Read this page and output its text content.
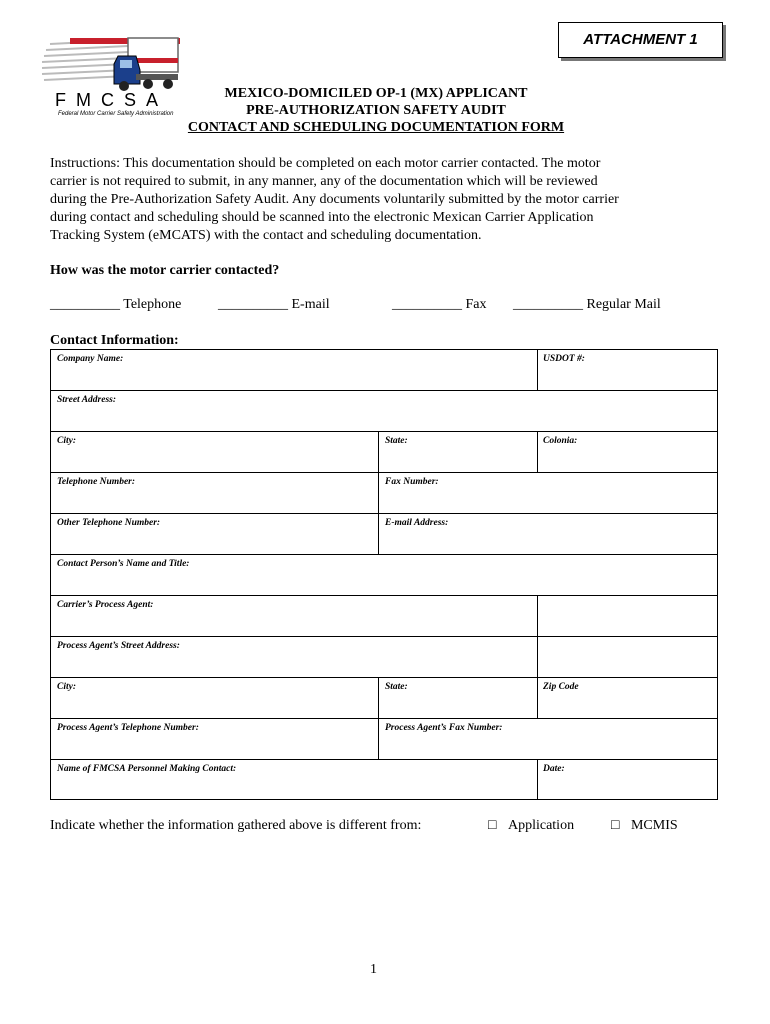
ATTACHMENT 1
FMCSA
Federal Motor Carrier Safety Administration
MEXICO-DOMICILED OP-1 (MX) APPLICANT
PRE-AUTHORIZATION SAFETY AUDIT
CONTACT AND SCHEDULING DOCUMENTATION FORM
Instructions: This documentation should be completed on each motor carrier contacted. The motor
carrier is not required to submit, in any manner, any of the documentation which will be reviewed
during the Pre-Authorization Safety Audit. Any documents voluntarily submitted by the motor carrier
during contact and scheduling should be scanned into the electronic Mexican Carrier Application
Tracking System (eMCATS) with the contact and scheduling documentation.
How was the motor carrier contacted?
__________ Telephone	__________ E-mail	__________ Fax __________ Regular Mail
Contact Information:
Company Name:	USDOT #:
Street Address:
City:	State:	Colonia:
Telephone Number:	Fax Number:
Other Telephone Number:	E-mail Address:
Contact Person’s Name and Title:
Carrier’s Process Agent:
Process Agent’s Street Address:
City:	State:	Zip Code
Process Agent’s Telephone Number:	Process Agent’s Fax Number:
Name of FMCSA Personnel Making Contact:	Date:
Indicate whether the information gathered above is different from:	□ Application	□ MCMIS
1
